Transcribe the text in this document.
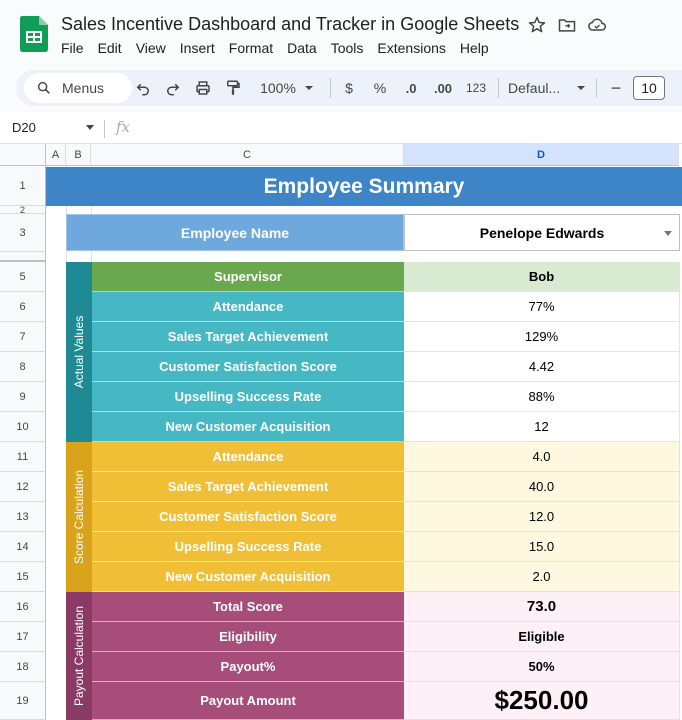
Sales Incentive Dashboard and Tracker in Google Sheets
File Edit View Insert Format Data Tools Extensions Help
Menus	100%	$ %	.0	.00	123 Defaul...	−	10
D20	fx
A	B	C	D
1
2
3
5
6
7
8
9
10
11
12
13
14
15
16
17
18
19
Employee Summary
Employee Name	Penelope Edwards
Actual Values
Score Calculation
Payout Calculation
Supervisor	Bob
Attendance	77%
Sales Target Achievement	129%
Customer Satisfaction Score	4.42
Upselling Success Rate	88%
New Customer Acquisition	12
Attendance	4.0
Sales Target Achievement	40.0
Customer Satisfaction Score	12.0
Upselling Success Rate	15.0
New Customer Acquisition	2.0
Total Score	73.0
Eligibility	Eligible
Payout%	50%
Payout Amount	$250.00
